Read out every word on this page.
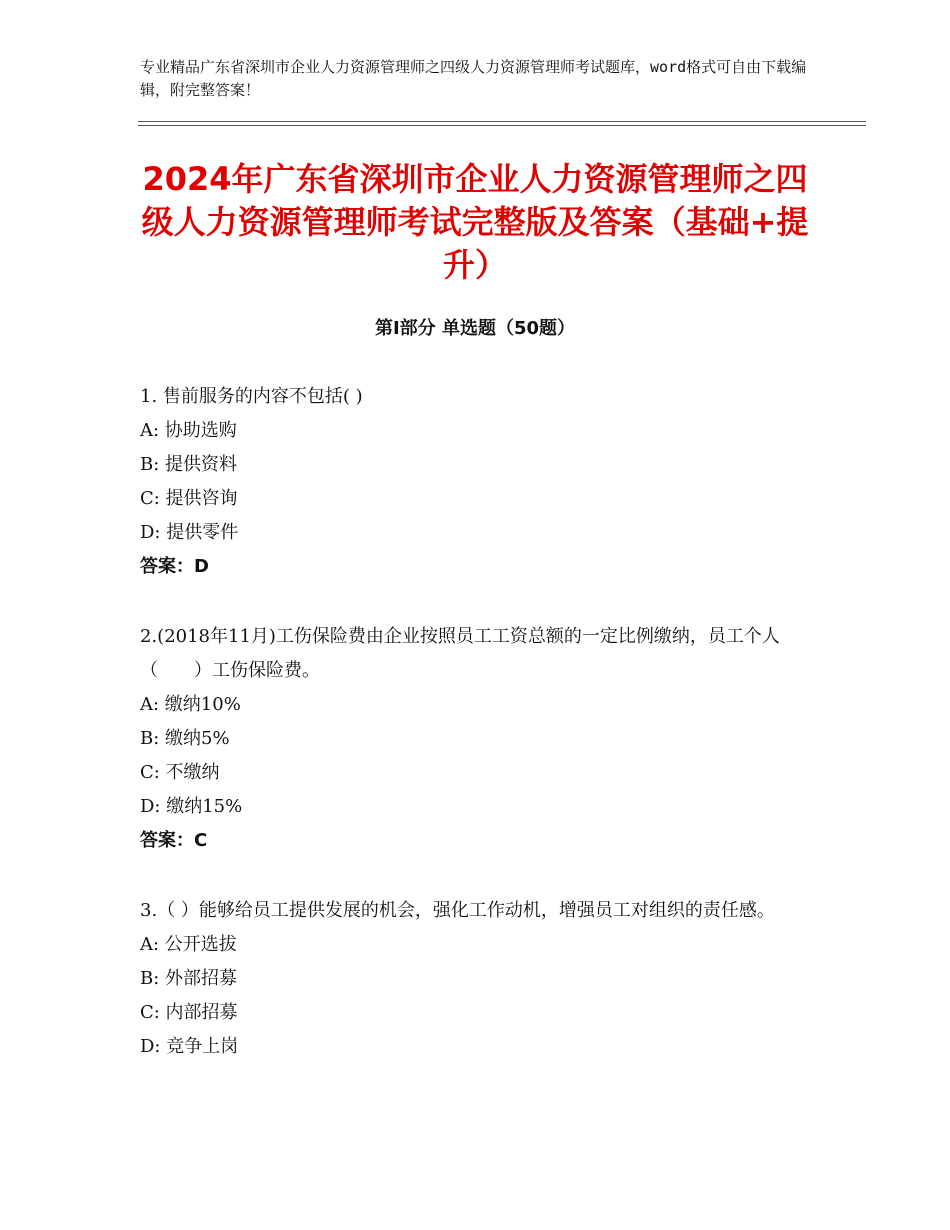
专业精品广东省深圳市企业人力资源管理师之四级人力资源管理师考试题库，word格式可自由下载编辑，附完整答案！
2024年广东省深圳市企业人力资源管理师之四级人力资源管理师考试完整版及答案（基础+提升）
第Ⅰ部分 单选题（50题）

1. 售前服务的内容不包括( )

A: 协助选购

B: 提供资料

C: 提供咨询

D: 提供零件

答案：D

2.(2018年11月)工伤保险费由企业按照员工工资总额的一定比例缴纳，员工个人（　　）工伤保险费。

A: 缴纳10%

B: 缴纳5%

C: 不缴纳

D: 缴纳15%

答案：C

3.（ ）能够给员工提供发展的机会，强化工作动机，增强员工对组织的责任感。

A: 公开选拔

B: 外部招募

C: 内部招募

D: 竞争上岗
